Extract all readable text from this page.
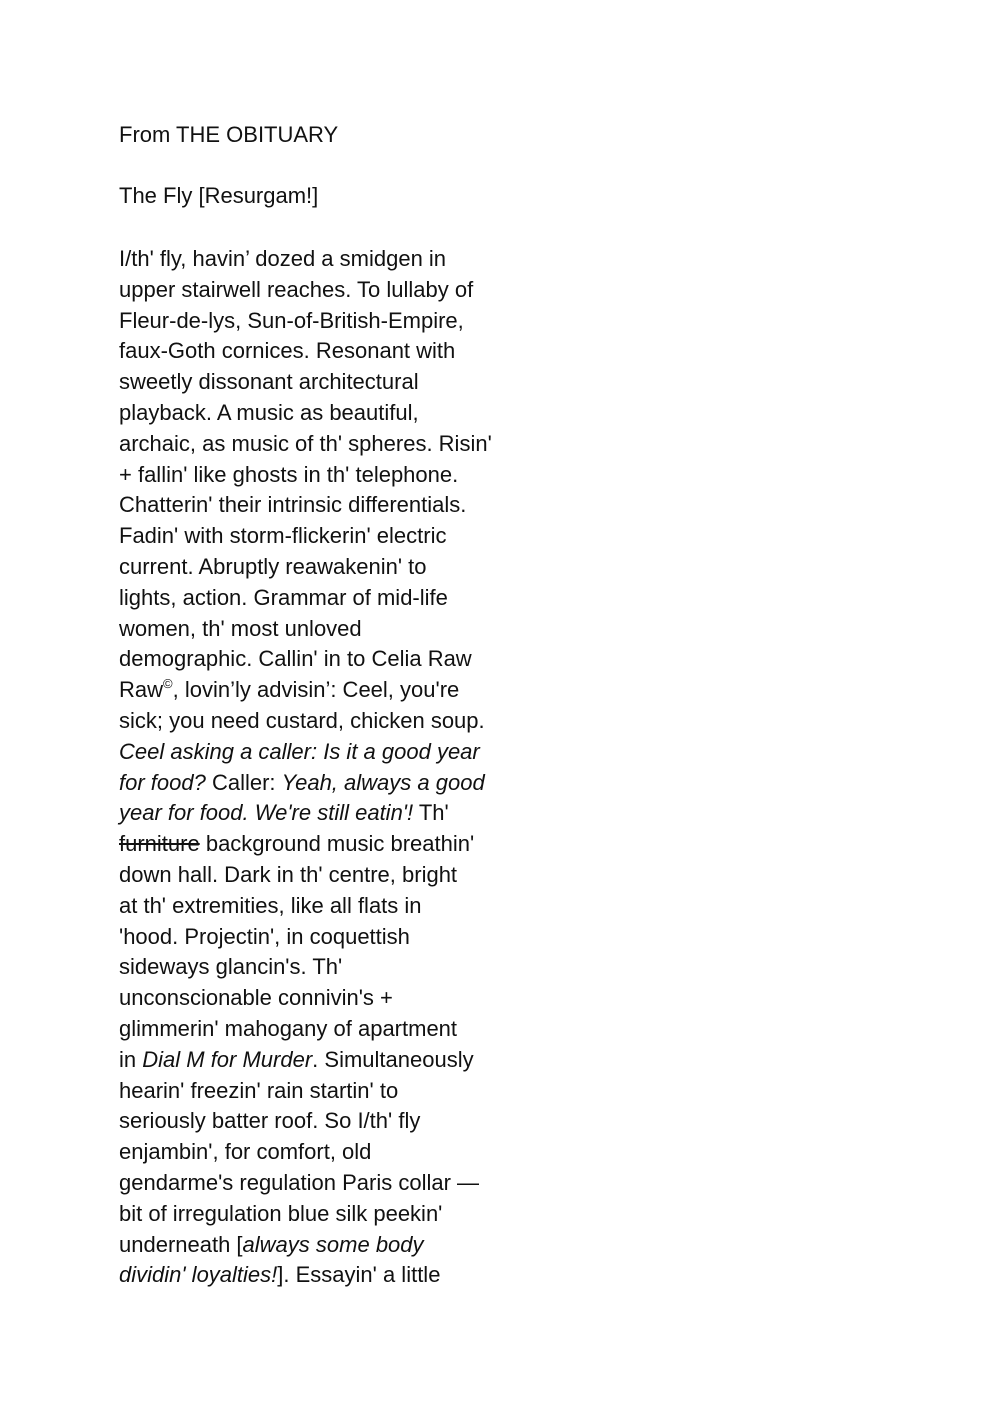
From THE OBITUARY
The Fly [Resurgam!]
I/th' fly, havin’ dozed a smidgen in
upper stairwell reaches. To lullaby of
Fleur-de-lys, Sun-of-British-Empire,
faux-Goth cornices. Resonant with
sweetly dissonant architectural
playback. A music as beautiful,
archaic, as music of th' spheres. Risin'
+ fallin' like ghosts in th' telephone.
Chatterin' their intrinsic differentials.
Fadin' with storm-flickerin' electric
current. Abruptly reawakenin' to
lights, action. Grammar of mid-life
women, th' most unloved
demographic. Callin' in to Celia Raw
Raw©, lovin’ly advisin’: Ceel, you're
sick; you need custard, chicken soup.
Ceel asking a caller: Is it a good year
for food? Caller: Yeah, always a good
year for food. We're still eatin'! Th'
furniture background music breathin'
down hall. Dark in th' centre, bright
at th' extremities, like all flats in
'hood. Projectin', in coquettish
sideways glancin's. Th'
unconscionable connivin's +
glimmerin' mahogany of apartment
in Dial M for Murder. Simultaneously
hearin' freezin' rain startin' to
seriously batter roof. So I/th' fly
enjambin', for comfort, old
gendarme's regulation Paris collar —
bit of irregulation blue silk peekin'
underneath [always some body
dividin' loyalties!]. Essayin' a little
